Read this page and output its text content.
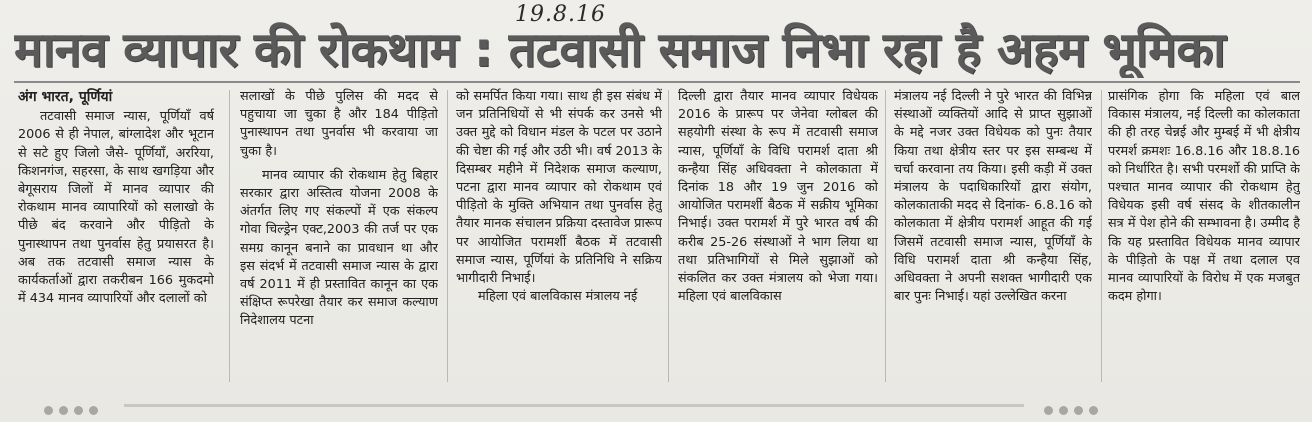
19.8.16
मानव व्यापार की रोकथाम : तटवासी समाज निभा रहा है अहम भूमिका
अंग भारत, पूर्णियां

तटवासी समाज न्यास, पूर्णियाँ वर्ष 2006 से ही नेपाल, बांग्लादेश और भूटान से सटे हुए जिलो जैसे- पूर्णियाँ, अररिया, किशनगंज, सहरसा, के साथ खगड़िया और बेगूसराय जिलों में मानव व्यापार की रोकथाम मानव व्यापारियों को सलाखो के पीछे बंद करवाने और पीड़ितो के पुनास्थापन तथा पुनर्वास हेतु प्रयासरत है। अब तक तटवासी समाज न्यास के कार्यकर्ताओं द्वारा तकरीबन 166 मुकदमो में 434 मानव व्यापारियों और दलालों को

सलाखों के पीछे पुलिस की मदद से पहुचाया जा चुका है और 184 पीड़ितो पुनास्थापन तथा पुनर्वास भी करवाया जा चुका है।

मानव व्यापार की रोकथाम हेतु बिहार सरकार द्वारा अस्तित्व योजना 2008 के अंतर्गत लिए गए संकल्पों में एक संकल्प गोवा चिल्ड्रेन एक्ट,2003 की तर्ज पर एक समग्र कानून बनाने का प्रावधान था और इस संदर्भ में तटवासी समाज न्यास के द्वारा वर्ष 2011 में ही प्रस्तावित कानून का एक संक्षिप्त रूपरेखा तैयार कर समाज कल्याण निदेशालय पटना

को समर्पित किया गया। साथ ही इस संबंध में जन प्रतिनिधियों से भी संपर्क कर उनसे भी उक्त मुद्दे को विधान मंडल के पटल पर उठाने की चेष्टा की गई और उठी भी। वर्ष 2013 के दिसम्बर महीने में निदेशक समाज कल्याण, पटना द्वारा मानव व्यापार को रोकथाम एवं पीड़ितो के मुक्ति अभियान तथा पुनर्वास हेतु तैयार मानक संचालन प्रक्रिया दस्तावेज प्रारूप पर आयोजित परामर्शी बैठक में तटवासी समाज न्यास, पूर्णियां के प्रतिनिधि ने सक्रिय भागीदारी निभाई।

महिला एवं बालविकास मंत्रालय नई

दिल्ली द्वारा तैयार मानव व्यापार विधेयक 2016 के प्रारूप पर जेनेवा ग्लोबल की सहयोगी संस्था के रूप में तटवासी समाज न्यास, पूर्णियाँ के विधि परामर्श दाता श्री कन्हैया सिंह अधिवक्ता ने कोलकाता में दिनांक 18 और 19 जुन 2016 को आयोजित परामर्शी बैठक में सक्रीय भूमिका निभाई। उक्त परामर्श में पुरे भारत वर्ष की करीब 25-26 संस्थाओं ने भाग लिया था तथा प्रतिभागियों से मिले सुझाओं को संकलित कर उक्त मंत्रालय को भेजा गया। महिला एवं बालविकास

मंत्रालय नई दिल्ली ने पुरे भारत की विभिन्न संस्थाओं व्यक्तियों आदि से प्राप्त सुझाओं के मद्दे नजर उक्त विधेयक को पुनः तैयार किया तथा क्षेत्रीय स्तर पर इस सम्बन्ध में चर्चा करवाना तय किया। इसी कड़ी में उक्त मंत्रालय के पदाधिकारियों द्वारा संयोग, कोलकाताकी मदद से दिनांक- 6.8.16 को कोलकाता में क्षेत्रीय परामर्श आहूत की गई जिसमें तटवासी समाज न्यास, पूर्णियाँ के विधि परामर्श दाता श्री कन्हैया सिंह, अधिवक्ता ने अपनी सशक्त भागीदारी एक बार पुनः निभाई। यहां उल्लेखित करना

प्रासंगिक होगा कि महिला एवं बाल विकास मंत्रालय, नई दिल्ली का कोलकाता की ही तरह चेन्नई और मुम्बई में भी क्षेत्रीय परमर्श क्रमशः 16.8.16 और 18.8.16 को निर्धारित है। सभी परमर्शो की प्राप्ति के पश्चात मानव व्यापार की रोकथाम हेतु विधेयक इसी वर्ष संसद के शीतकालीन सत्र में पेश होने की सम्भावना है। उम्मीद है कि यह प्रस्तावित विधेयक मानव व्यापार के पीड़ितो के पक्ष में तथा दलाल एव मानव व्यापारियों के विरोध में एक मजबुत कदम होगा।
